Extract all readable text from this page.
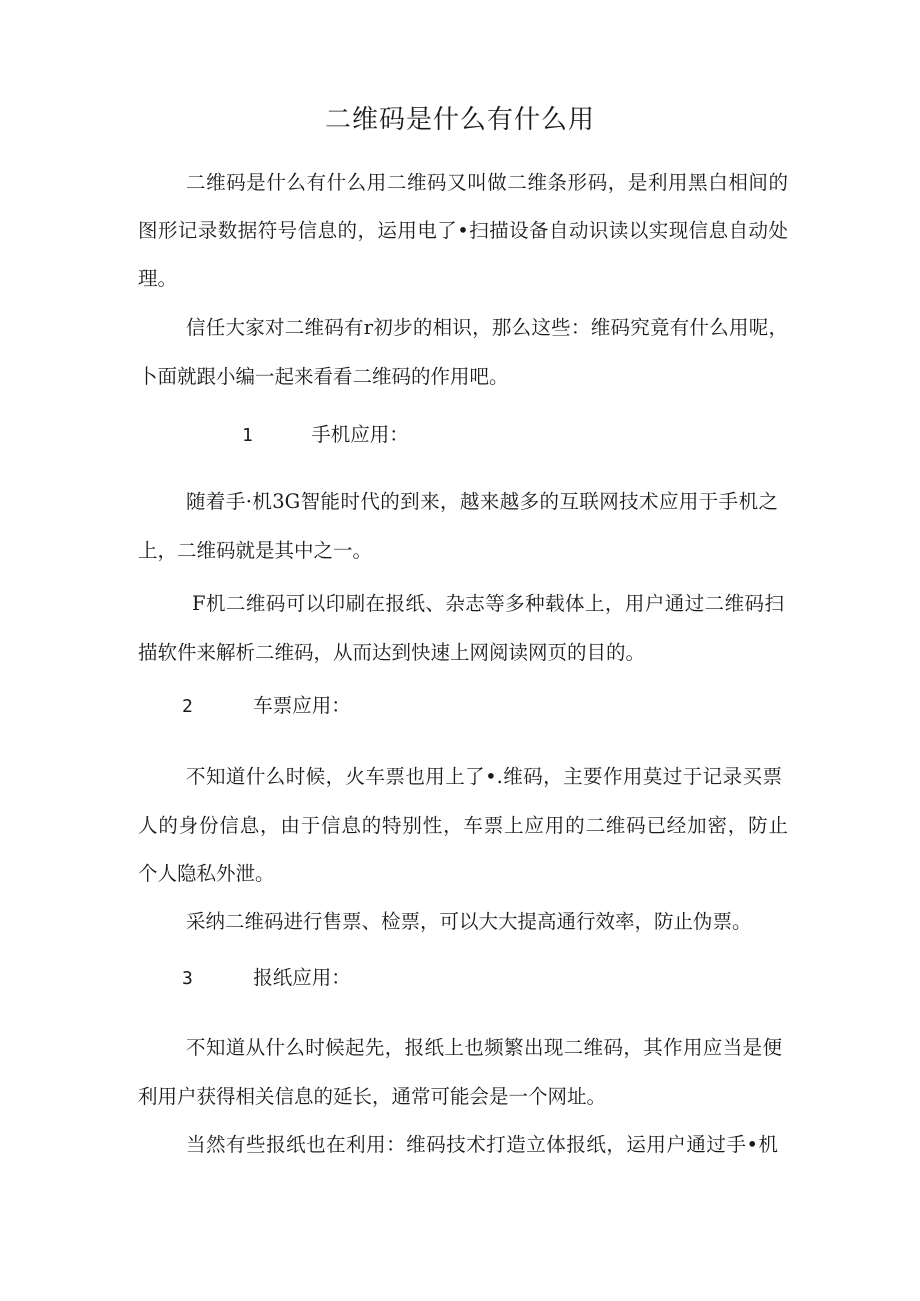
二维码是什么有什么用
二维码是什么有什么用二维码又叫做二维条形码，是利用黑白相间的
图形记录数据符号信息的，运用电了•扫描设备自动识读以实现信息自动处
理。
信任大家对二维码有r初步的相识，那么这些：维码究竟有什么用呢，
卜面就跟小编一起来看看二维码的作用吧。
1	手机应用：
随着手·机3G智能时代的到来，越来越多的互联网技术应用于手机之
上，二维码就是其中之一。
F机二维码可以印刷在报纸、杂志等多种载体上，用户通过二维码扫
描软件来解析二维码，从而达到快速上网阅读网页的目的。
2	车票应用：
不知道什么时候，火车票也用上了•.维码，主要作用莫过于记录买票
人的身份信息，由于信息的特别性，车票上应用的二维码已经加密，防止
个人隐私外泄。
采纳二维码进行售票、检票，可以大大提高通行效率，防止伪票。
3	报纸应用：
不知道从什么时候起先，报纸上也频繁出现二维码，其作用应当是便
利用户获得相关信息的延长，通常可能会是一个网址。
当然有些报纸也在利用：维码技术打造立体报纸，运用户通过手•机
